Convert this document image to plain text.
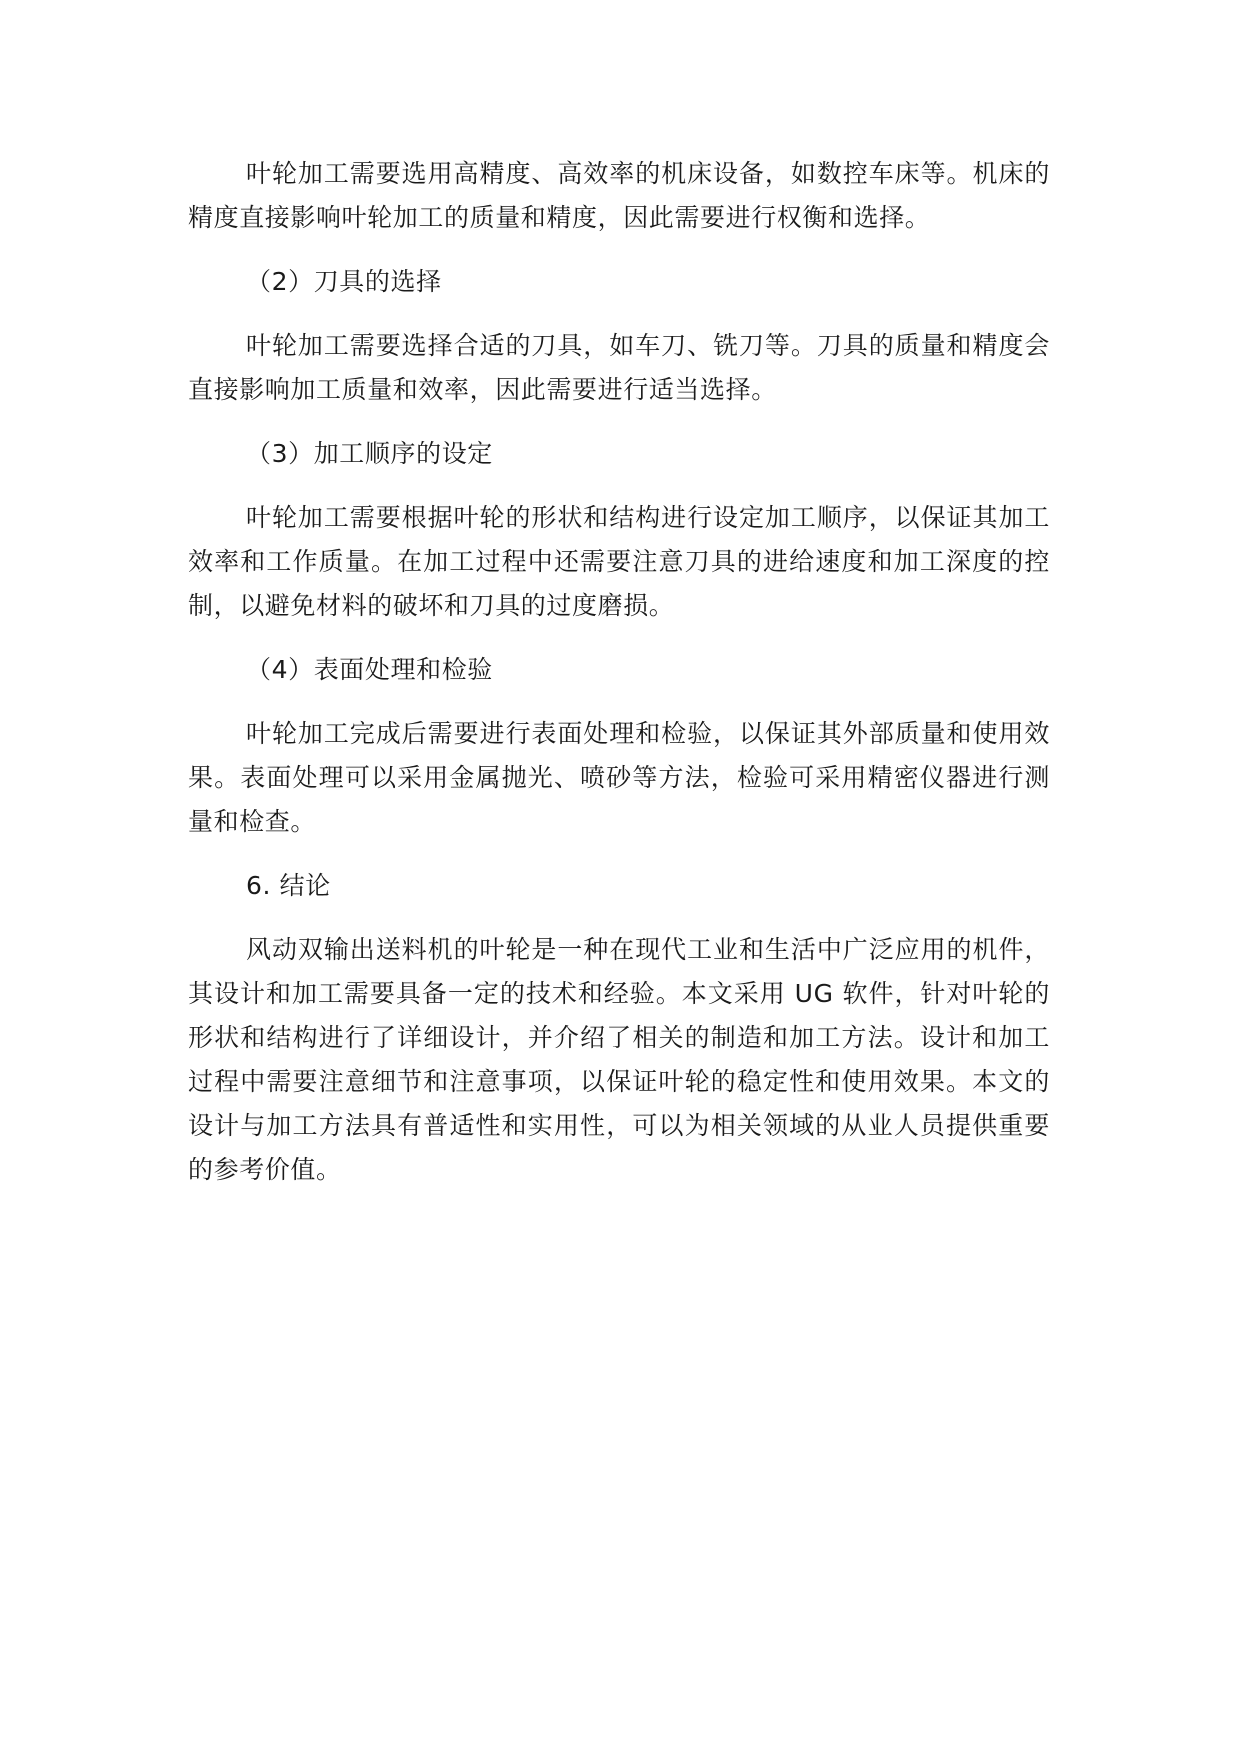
叶轮加工需要选用高精度、高效率的机床设备，如数控车床等。机床的精度直接影响叶轮加工的质量和精度，因此需要进行权衡和选择。

（2）刀具的选择

叶轮加工需要选择合适的刀具，如车刀、铣刀等。刀具的质量和精度会直接影响加工质量和效率，因此需要进行适当选择。

（3）加工顺序的设定

叶轮加工需要根据叶轮的形状和结构进行设定加工顺序，以保证其加工效率和工作质量。在加工过程中还需要注意刀具的进给速度和加工深度的控制，以避免材料的破坏和刀具的过度磨损。

（4）表面处理和检验

叶轮加工完成后需要进行表面处理和检验，以保证其外部质量和使用效果。表面处理可以采用金属抛光、喷砂等方法，检验可采用精密仪器进行测量和检查。

6. 结论

风动双输出送料机的叶轮是一种在现代工业和生活中广泛应用的机件，其设计和加工需要具备一定的技术和经验。本文采用 UG 软件，针对叶轮的形状和结构进行了详细设计，并介绍了相关的制造和加工方法。设计和加工过程中需要注意细节和注意事项，以保证叶轮的稳定性和使用效果。本文的设计与加工方法具有普适性和实用性，可以为相关领域的从业人员提供重要的参考价值。
